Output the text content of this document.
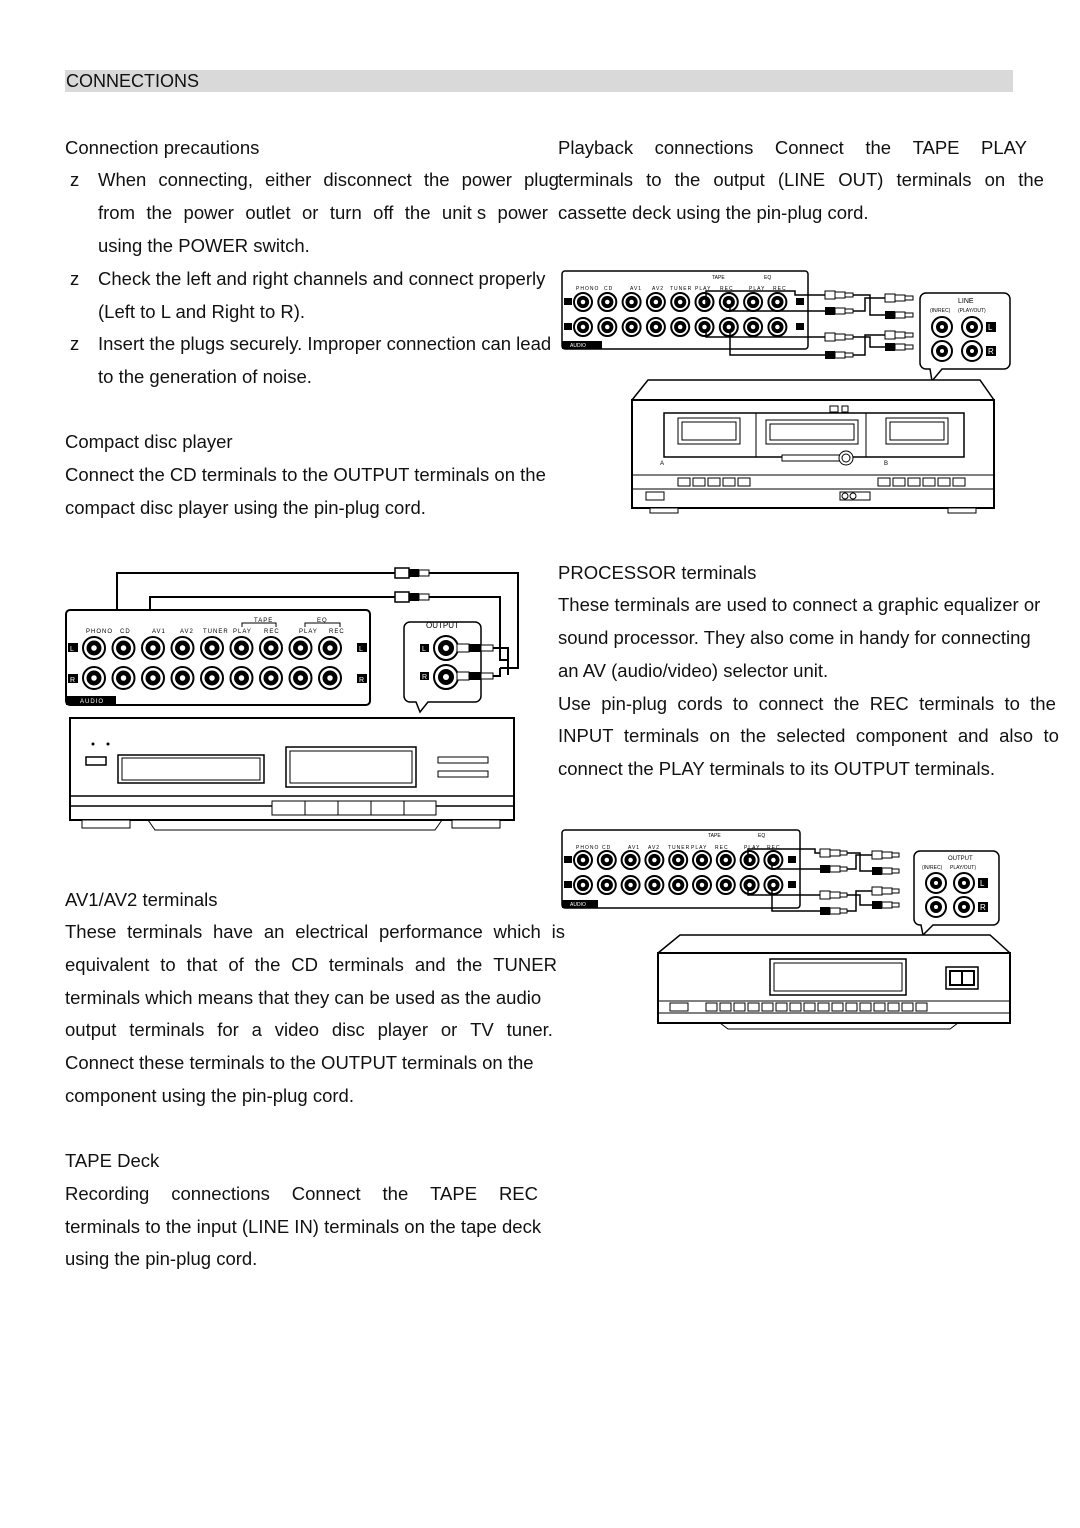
CONNECTIONS
Connection precautions
z When connecting, either disconnect the power plug
from the power outlet or turn off the unit s power
using the POWER switch.
z Check the left and right channels and connect properly
(Left to L and Right to R).
z Insert the plugs securely. Improper connection can lead
to the generation of noise.
Compact disc player
Connect the CD terminals to the OUTPUT terminals on the
compact disc player using the pin-plug cord.
AV1/AV2 terminals
These terminals have an electrical performance which is
equivalent to that of the CD terminals and the TUNER
terminals which means that they can be used as the audio
output terminals for a video disc player or TV tuner.
Connect these terminals to the OUTPUT terminals on the
component using the pin-plug cord.
TAPE Deck
Recording connections Connect the TAPE REC
terminals to the input (LINE IN) terminals on the tape deck
using the pin-plug cord.
Playback connections Connect the TAPE PLAY
terminals to the output (LINE OUT) terminals on the
cassette deck using the pin-plug cord.
PROCESSOR terminals
These terminals are used to connect a graphic equalizer or
sound processor. They also come in handy for connecting
an AV (audio/video) selector unit.
Use pin-plug cords to connect the REC terminals to the
INPUT terminals on the selected component and also to
connect the PLAY terminals to its OUTPUT terminals.
PHONO CD	AV1 AV2 TUNER PLAY REC	PLAY REC
TAPE	EQ
L
R
L
R
AUDIO
OUTPUT
L
R
PHONO CD	AV1 AV2 TUNER PLAY REC	PLAY REC
TAPE	EQ
AUDIO
LINE
(IN/REC) (PLAY/OUT)
L
R
A	B
PHONO CD	AV1 AV2 TUNER PLAY REC	PLAY REC
TAPE	EQ
AUDIO
OUTPUT
(IN/REC) PLAY/OUT)
L
R
